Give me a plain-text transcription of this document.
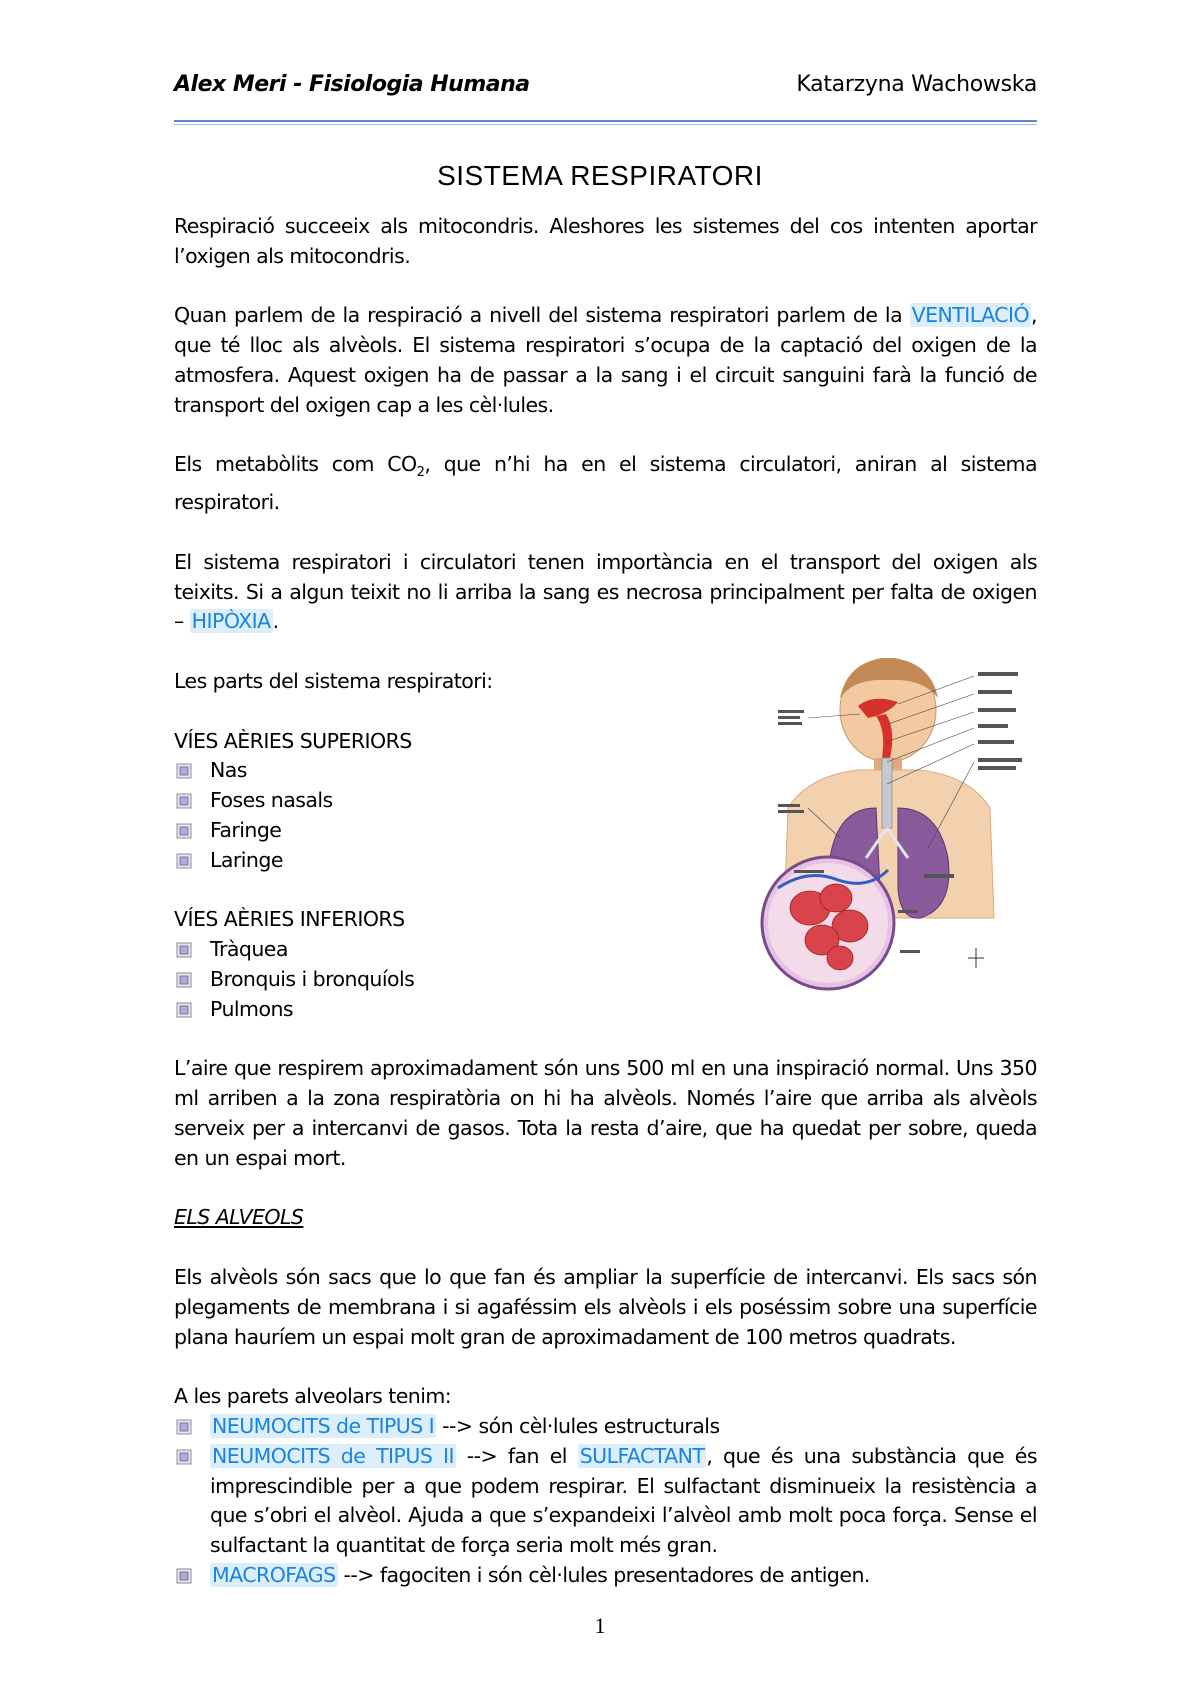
Alex Meri - Fisiologia Humana	Katarzyna Wachowska
SISTEMA RESPIRATORI

Respiració succeeix als mitocondris. Aleshores les sistemes del cos intenten aportar l’oxigen als mitocondris.

Quan parlem de la respiració a nivell del sistema respiratori parlem de la VENTILACIÓ, que té lloc als alvèols. El sistema respiratori s’ocupa de la captació del oxigen de la atmosfera. Aquest oxigen ha de passar a la sang i el circuit sanguini farà la funció de transport del oxigen cap a les cèl·lules.

Els metabòlits com $CO_2$, que n’hi ha en el sistema circulatori, aniran al sistema respiratori.

El sistema respiratori i circulatori tenen importància en el transport del oxigen als teixits. Si a algun teixit no li arriba la sang es necrosa principalment per falta de oxigen – HIPÒXIA.

Les parts del sistema respiratori:

VÍES AÈRIES SUPERIORS
Nas
Foses nasals
Faringe
Laringe
VÍES AÈRIES INFERIORS
Tràquea
Bronquis i bronquíols
Pulmons

L’aire que respirem aproximadament són uns 500 ml en una inspiració normal. Uns 350 ml arriben a la zona respiratòria on hi ha alvèols. Només l’aire que arriba als alvèols serveix per a intercanvi de gasos. Tota la resta d’aire, que ha quedat per sobre, queda en un espai mort.

ELS ALVEOLS

Els alvèols són sacs que lo que fan és ampliar la superfície de intercanvi. Els sacs són plegaments de membrana i si agaféssim els alvèols i els poséssim sobre una superfície plana hauríem un espai molt gran de aproximadament de 100 metros quadrats.

A les parets alveolars tenim:
NEUMOCITS de TIPUS I --> són cèl·lules estructurals
NEUMOCITS de TIPUS II --> fan el SULFACTANT, que és una substància que és imprescindible per a que podem respirar. El sulfactant disminueix la resistència a que s’obri el alvèol. Ajuda a que s’expandeixi l’alvèol amb molt poca força. Sense el sulfactant la quantitat de força seria molt més gran.
MACROFAGS --> fagociten i són cèl·lules presentadores de antigen.
1
